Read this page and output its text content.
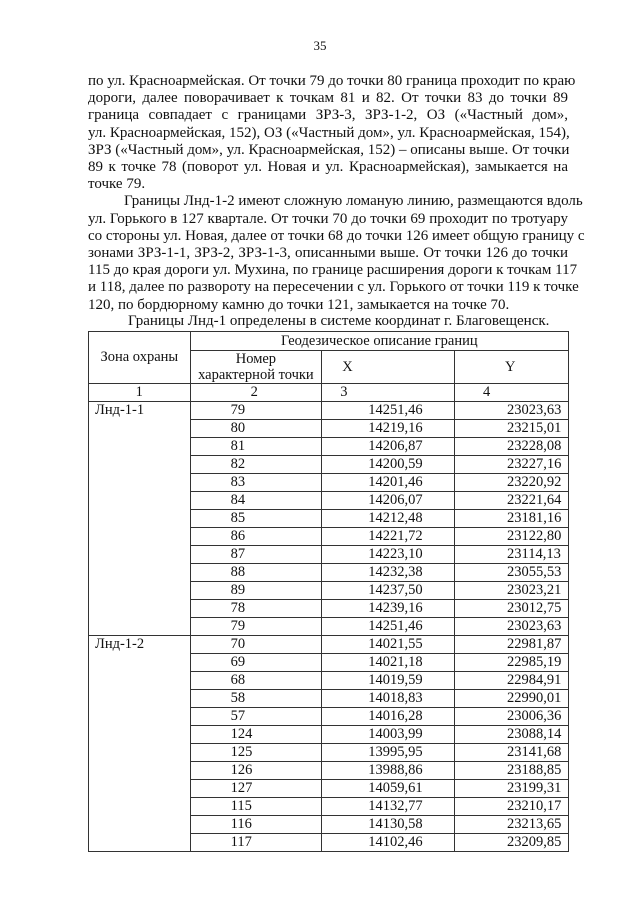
35
по ул. Красноармейская. От точки 79 до точки 80 граница проходит по краю
дороги, далее поворачивает к точкам 81 и 82. От точки 83 до точки 89
граница совпадает с границами ЗРЗ-3, ЗРЗ-1-2, ОЗ («Частный дом»,
ул. Красноармейская, 152), ОЗ («Частный дом», ул. Красноармейская, 154),
ЗРЗ («Частный дом», ул. Красноармейская, 152) – описаны выше. От точки
89 к точке 78 (поворот ул. Новая и ул. Красноармейская), замыкается на
точке 79.
Границы Лнд-1-2 имеют сложную ломаную линию, размещаются вдоль
ул. Горького в 127 квартале. От точки 70 до точки 69 проходит по тротуару
со стороны ул. Новая, далее от точки 68 до точки 126 имеет общую границу с
зонами ЗРЗ-1-1, ЗРЗ-2, ЗРЗ-1-3, описанными выше. От точки 126 до точки
115 до края дороги ул. Мухина, по границе расширения дороги к точкам 117
и 118, далее по развороту на пересечении с ул. Горького от точки 119 к точке
120, по бордюрному камню до точки 121, замыкается на точке 70.
Границы Лнд-1 определены в системе координат г. Благовещенск.
Зона охраны	Геодезическое описание границ		
	Номер характерной точки	X	Y
1	2	3	4
Лнд-1-1	79	14251,46	23023,63
	80	14219,16	23215,01
	81	14206,87	23228,08
	82	14200,59	23227,16
	83	14201,46	23220,92
	84	14206,07	23221,64
	85	14212,48	23181,16
	86	14221,72	23122,80
	87	14223,10	23114,13
	88	14232,38	23055,53
	89	14237,50	23023,21
	78	14239,16	23012,75
	79	14251,46	23023,63
Лнд-1-2	70	14021,55	22981,87
	69	14021,18	22985,19
	68	14019,59	22984,91
	58	14018,83	22990,01
	57	14016,28	23006,36
	124	14003,99	23088,14
	125	13995,95	23141,68
	126	13988,86	23188,85
	127	14059,61	23199,31
	115	14132,77	23210,17
	116	14130,58	23213,65
	117	14102,46	23209,85
